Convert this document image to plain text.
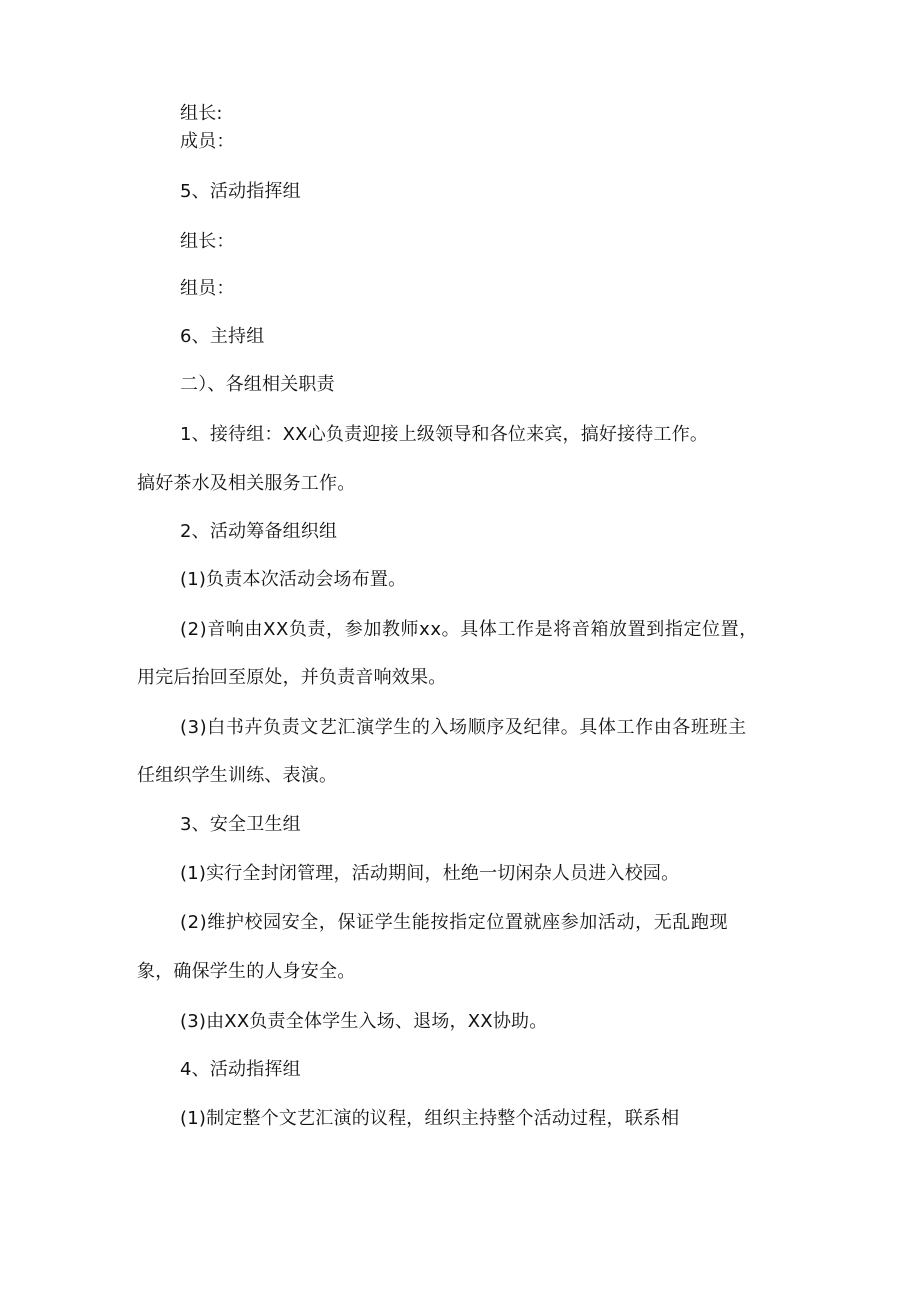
组长:
成员：
5、活动指挥组
组长：
组员：
6、主持组
二）、各组相关职责
1、接待组：XX心负责迎接上级领导和各位来宾，搞好接待工作。
搞好茶水及相关服务工作。
2、活动筹备组织组
(1)负责本次活动会场布置。
(2)音响由XX负责，参加教师xx。具体工作是将音箱放置到指定位置，
用完后抬回至原处，并负责音响效果。
(3)白书卉负责文艺汇演学生的入场顺序及纪律。具体工作由各班班主
任组织学生训练、表演。
3、安全卫生组
(1)实行全封闭管理，活动期间，杜绝一切闲杂人员进入校园。
(2)维护校园安全，保证学生能按指定位置就座参加活动，无乱跑现
象，确保学生的人身安全。
(3)由XX负责全体学生入场、退场，XX协助。
4、活动指挥组
(1)制定整个文艺汇演的议程，组织主持整个活动过程，联系相
